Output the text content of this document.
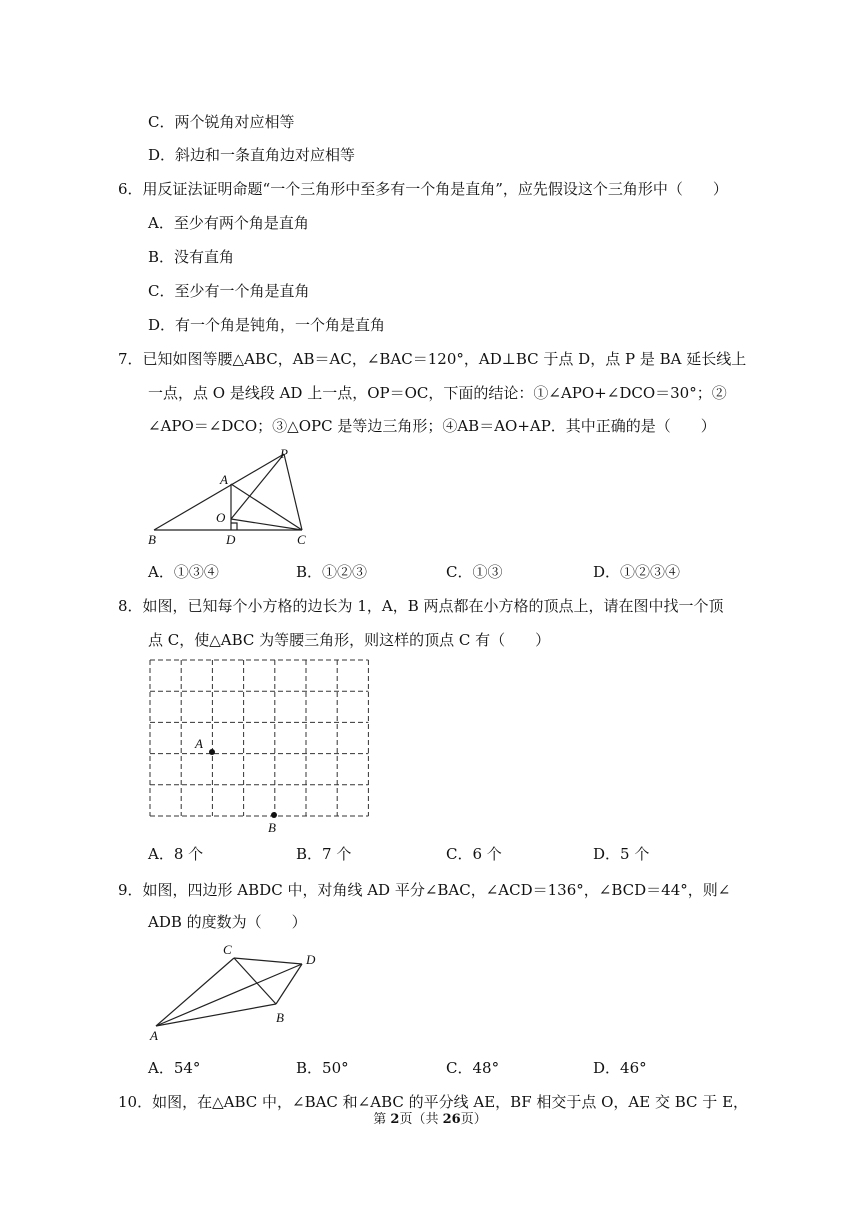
C．两个锐角对应相等
D．斜边和一条直角边对应相等
6．用反证法证明命题“一个三角形中至多有一个角是直角”，应先假设这个三角形中（　　）
A．至少有两个角是直角
B．没有直角
C．至少有一个角是直角
D．有一个角是钝角，一个角是直角
7．已知如图等腰△ABC，AB＝AC，∠BAC＝120°，AD⊥BC 于点 D，点 P 是 BA 延长线上
一点，点 O 是线段 AD 上一点，OP＝OC，下面的结论：①∠APO+∠DCO＝30°；②
∠APO＝∠DCO；③△OPC 是等边三角形；④AB＝AO+AP．其中正确的是（　　）
P
A
O
B	D	C
A．①③④	B．①②③	C．①③	D．①②③④
8．如图，已知每个小方格的边长为 1，A，B 两点都在小方格的顶点上，请在图中找一个顶
点 C，使△ABC 为等腰三角形，则这样的顶点 C 有（　　）
A
B
A．8 个	B．7 个	C．6 个	D．5 个
9．如图，四边形 ABDC 中，对角线 AD 平分∠BAC，∠ACD＝136°，∠BCD＝44°，则∠
ADB 的度数为（　　）
C
D
B
A
A．54°	B．50°	C．48°	D．46°
10．如图，在△ABC 中，∠BAC 和∠ABC 的平分线 AE，BF 相交于点 O，AE 交 BC 于 E，
第 2页（共 26页）
